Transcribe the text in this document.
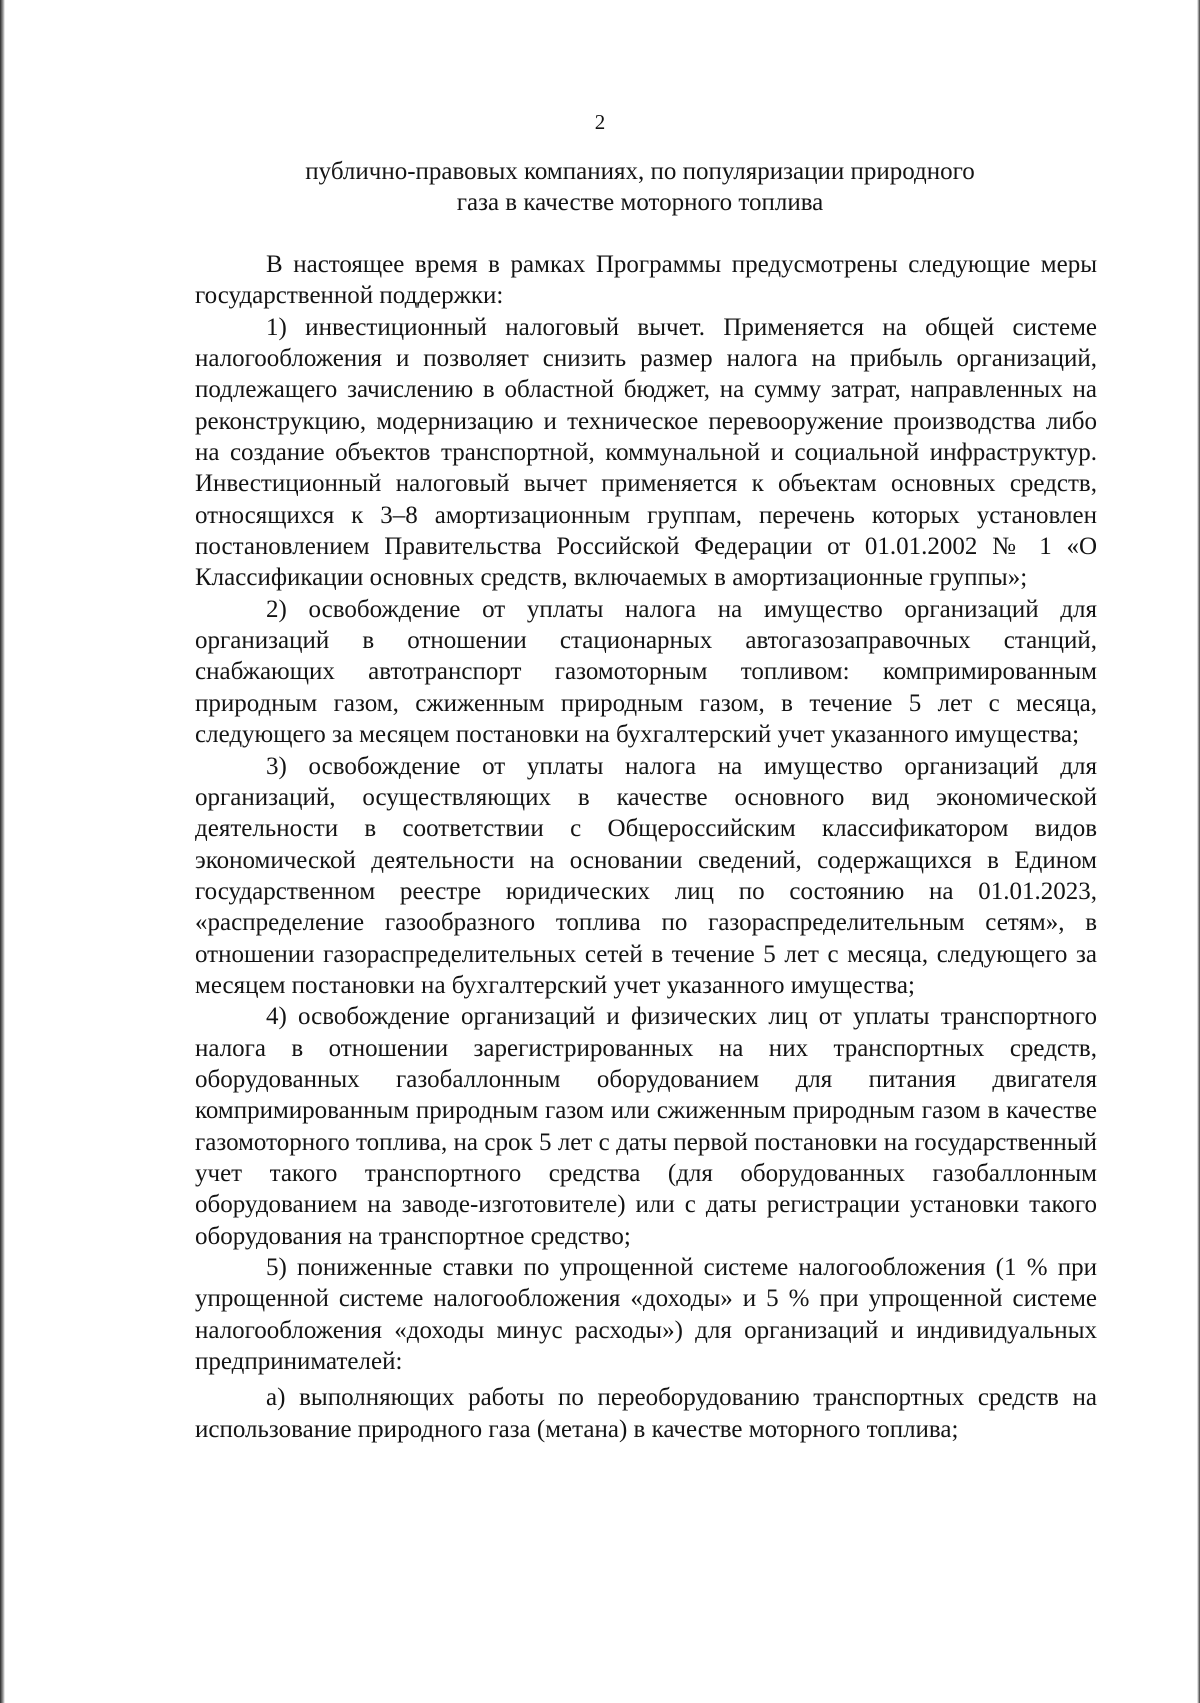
2
публично-правовых компаниях, по популяризации природного
газа в качестве моторного топлива

В настоящее время в рамках Программы предусмотрены следующие меры государственной поддержки:

1) инвестиционный налоговый вычет. Применяется на общей системе налогообложения и позволяет снизить размер налога на прибыль организаций, подлежащего зачислению в областной бюджет, на сумму затрат, направленных на реконструкцию, модернизацию и техническое перевооружение производства либо на создание объектов транспортной, коммунальной и социальной инфраструктур. Инвестиционный налоговый вычет применяется к объектам основных средств, относящихся к 3–8 амортизационным группам, перечень которых установлен постановлением Правительства Российской Федерации от 01.01.2002 № 1 «О Классификации основных средств, включаемых в амортизационные группы»;

2) освобождение от уплаты налога на имущество организаций для организаций в отношении стационарных автогазозаправочных станций, снабжающих автотранспорт газомоторным топливом: компримированным природным газом, сжиженным природным газом, в течение 5 лет с месяца, следующего за месяцем постановки на бухгалтерский учет указанного имущества;

3) освобождение от уплаты налога на имущество организаций для организаций, осуществляющих в качестве основного вид экономической деятельности в соответствии с Общероссийским классификатором видов экономической деятельности на основании сведений, содержащихся в Едином государственном реестре юридических лиц по состоянию на 01.01.2023, «распределение газообразного топлива по газораспределительным сетям», в отношении газораспределительных сетей в течение 5 лет с месяца, следующего за месяцем постановки на бухгалтерский учет указанного имущества;

4) освобождение организаций и физических лиц от уплаты транспортного налога в отношении зарегистрированных на них транспортных средств, оборудованных газобаллонным оборудованием для питания двигателя компримированным природным газом или сжиженным природным газом в качестве газомоторного топлива, на срок 5 лет с даты первой постановки на государственный учет такого транспортного средства (для оборудованных газобаллонным оборудованием на заводе-изготовителе) или с даты регистрации установки такого оборудования на транспортное средство;

5) пониженные ставки по упрощенной системе налогообложения (1 % при упрощенной системе налогообложения «доходы» и 5 % при упрощенной системе налогообложения «доходы минус расходы») для организаций и индивидуальных предпринимателей:

а) выполняющих работы по переоборудованию транспортных средств на использование природного газа (метана) в качестве моторного топлива;
